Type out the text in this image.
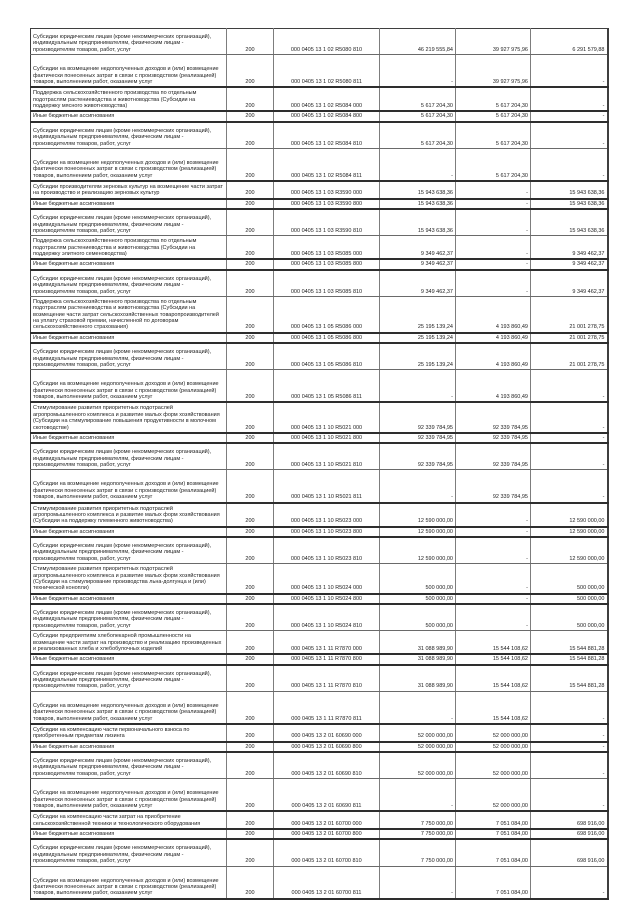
Субсидии юридическим лицам (кроме некоммерческих организаций), индивидуальным предпринимателям, физическим лицам - производителям товаров, работ, услуг	200	000 0405 13 1 02 R5080 810	46 219 555,84	39 927 975,96	6 291 579,88
Субсидии на возмещение недополученных доходов и (или) возмещение фактически понесенных затрат в связи с производством (реализацией) товаров, выполнением работ, оказанием услуг	200	000 0405 13 1 02 R5080 811	-	39 927 975,96	-
Поддержка сельскохозяйственного производства по отдельным подотраслям растениеводства и животноводства (Субсидии на поддержку мясного животноводства)	200	000 0405 13 1 02 R5084 000	5 617 204,30	5 617 204,30	-
Иные бюджетные ассигнования	200	000 0405 13 1 02 R5084 800	5 617 204,30	5 617 204,30	-
Субсидии юридическим лицам (кроме некоммерческих организаций), индивидуальным предпринимателям, физическим лицам - производителям товаров, работ, услуг	200	000 0405 13 1 02 R5084 810	5 617 204,30	5 617 204,30	-
Субсидии на возмещение недополученных доходов и (или) возмещение фактически понесенных затрат в связи с производством (реализацией) товаров, выполнением работ, оказанием услуг	200	000 0405 13 1 02 R5084 811	-	5 617 204,30	-
Субсидии производителям зерновых культур на возмещение части затрат на производство и реализацию зерновых культур	200	000 0405 13 1 03 R3590 000	15 943 638,36	-	15 943 638,36
Иные бюджетные ассигнования	200	000 0405 13 1 03 R3590 800	15 943 638,36	-	15 943 638,36
Субсидии юридическим лицам (кроме некоммерческих организаций), индивидуальным предпринимателям, физическим лицам - производителям товаров, работ, услуг	200	000 0405 13 1 03 R3590 810	15 943 638,36	-	15 943 638,36
Поддержка сельскохозяйственного производства по отдельным подотраслям растениеводства и животноводства (Субсидии на поддержку элитного семеноводства)	200	000 0405 13 1 03 R5085 000	9 349 462,37	-	9 349 462,37
Иные бюджетные ассигнования	200	000 0405 13 1 03 R5085 800	9 349 462,37	-	9 349 462,37
Субсидии юридическим лицам (кроме некоммерческих организаций), индивидуальным предпринимателям, физическим лицам - производителям товаров, работ, услуг	200	000 0405 13 1 03 R5085 810	9 349 462,37	-	9 349 462,37
Поддержка сельскохозяйственного производства по отдельным подотраслям растениеводства и животноводства (Субсидии на возмещение части затрат сельскохозяйственных товаропроизводителей на уплату страховой премии, начисленной по договорам сельскохозяйственного страхования)	200	000 0405 13 1 05 R5086 000	25 195 139,24	4 193 860,49	21 001 278,75
Иные бюджетные ассигнования	200	000 0405 13 1 05 R5086 800	25 195 139,24	4 193 860,49	21 001 278,75
Субсидии юридическим лицам (кроме некоммерческих организаций), индивидуальным предпринимателям, физическим лицам - производителям товаров, работ, услуг	200	000 0405 13 1 05 R5086 810	25 195 139,24	4 193 860,49	21 001 278,75
Субсидии на возмещение недополученных доходов и (или) возмещение фактически понесенных затрат в связи с производством (реализацией) товаров, выполнением работ, оказанием услуг	200	000 0405 13 1 05 R5086 811	-	4 193 860,49	-
Стимулирование развития приоритетных подотраслей агропромышленного комплекса и развитие малых форм хозяйствования (Субсидии на стимулирование повышения продуктивности в молочном скотоводстве)	200	000 0405 13 1 10 R5021 000	92 339 784,95	92 339 784,95	-
Иные бюджетные ассигнования	200	000 0405 13 1 10 R5021 800	92 339 784,95	92 339 784,95	-
Субсидии юридическим лицам (кроме некоммерческих организаций), индивидуальным предпринимателям, физическим лицам - производителям товаров, работ, услуг	200	000 0405 13 1 10 R5021 810	92 339 784,95	92 339 784,95	-
Субсидии на возмещение недополученных доходов и (или) возмещение фактически понесенных затрат в связи с производством (реализацией) товаров, выполнением работ, оказанием услуг	200	000 0405 13 1 10 R5021 811	-	92 339 784,95	-
Стимулирование развития приоритетных подотраслей агропромышленного комплекса и развитие малых форм хозяйствования (Субсидии на поддержку племенного животноводства)	200	000 0405 13 1 10 R5023 000	12 590 000,00	-	12 590 000,00
Иные бюджетные ассигнования	200	000 0405 13 1 10 R5023 800	12 590 000,00	-	12 590 000,00
Субсидии юридическим лицам (кроме некоммерческих организаций), индивидуальным предпринимателям, физическим лицам - производителям товаров, работ, услуг	200	000 0405 13 1 10 R5023 810	12 590 000,00	-	12 590 000,00
Стимулирование развития приоритетных подотраслей агропромышленного комплекса и развитие малых форм хозяйствования (Субсидии на стимулирование производства льна-долгунца и (или) технической конопли)	200	000 0405 13 1 10 R5024 000	500 000,00	-	500 000,00
Иные бюджетные ассигнования	200	000 0405 13 1 10 R5024 800	500 000,00	-	500 000,00
Субсидии юридическим лицам (кроме некоммерческих организаций), индивидуальным предпринимателям, физическим лицам - производителям товаров, работ, услуг	200	000 0405 13 1 10 R5024 810	500 000,00	-	500 000,00
Субсидии предприятиям хлебопекарной промышленности на возмещение части затрат на производство и реализацию произведенных и реализованных хлеба и хлебобулочных изделий	200	000 0405 13 1 11 R7870 000	31 088 989,90	15 544 108,62	15 544 881,28
Иные бюджетные ассигнования	200	000 0405 13 1 11 R7870 800	31 088 989,90	15 544 108,62	15 544 881,28
Субсидии юридическим лицам (кроме некоммерческих организаций), индивидуальным предпринимателям, физическим лицам - производителям товаров, работ, услуг	200	000 0405 13 1 11 R7870 810	31 088 989,90	15 544 108,62	15 544 881,28
Субсидии на возмещение недополученных доходов и (или) возмещение фактически понесенных затрат в связи с производством (реализацией) товаров, выполнением работ, оказанием услуг	200	000 0405 13 1 11 R7870 811	-	15 544 108,62	-
Субсидии на компенсацию части первоначального взноса по приобретенным предметам лизинга	200	000 0405 13 2 01 60690 000	52 000 000,00	52 000 000,00	-
Иные бюджетные ассигнования	200	000 0405 13 2 01 60690 800	52 000 000,00	52 000 000,00	-
Субсидии юридическим лицам (кроме некоммерческих организаций), индивидуальным предпринимателям, физическим лицам - производителям товаров, работ, услуг	200	000 0405 13 2 01 60690 810	52 000 000,00	52 000 000,00	-
Субсидии на возмещение недополученных доходов и (или) возмещение фактически понесенных затрат в связи с производством (реализацией) товаров, выполнением работ, оказанием услуг	200	000 0405 13 2 01 60690 811	-	52 000 000,00	-
Субсидии на компенсацию части затрат на приобретение сельскохозяйственной техники и технологического оборудования	200	000 0405 13 2 01 60700 000	7 750 000,00	7 051 084,00	698 916,00
Иные бюджетные ассигнования	200	000 0405 13 2 01 60700 800	7 750 000,00	7 051 084,00	698 916,00
Субсидии юридическим лицам (кроме некоммерческих организаций), индивидуальным предпринимателям, физическим лицам - производителям товаров, работ, услуг	200	000 0405 13 2 01 60700 810	7 750 000,00	7 051 084,00	698 916,00
Субсидии на возмещение недополученных доходов и (или) возмещение фактически понесенных затрат в связи с производством (реализацией) товаров, выполнением работ, оказанием услуг	200	000 0405 13 2 01 60700 811	-	7 051 084,00	-
